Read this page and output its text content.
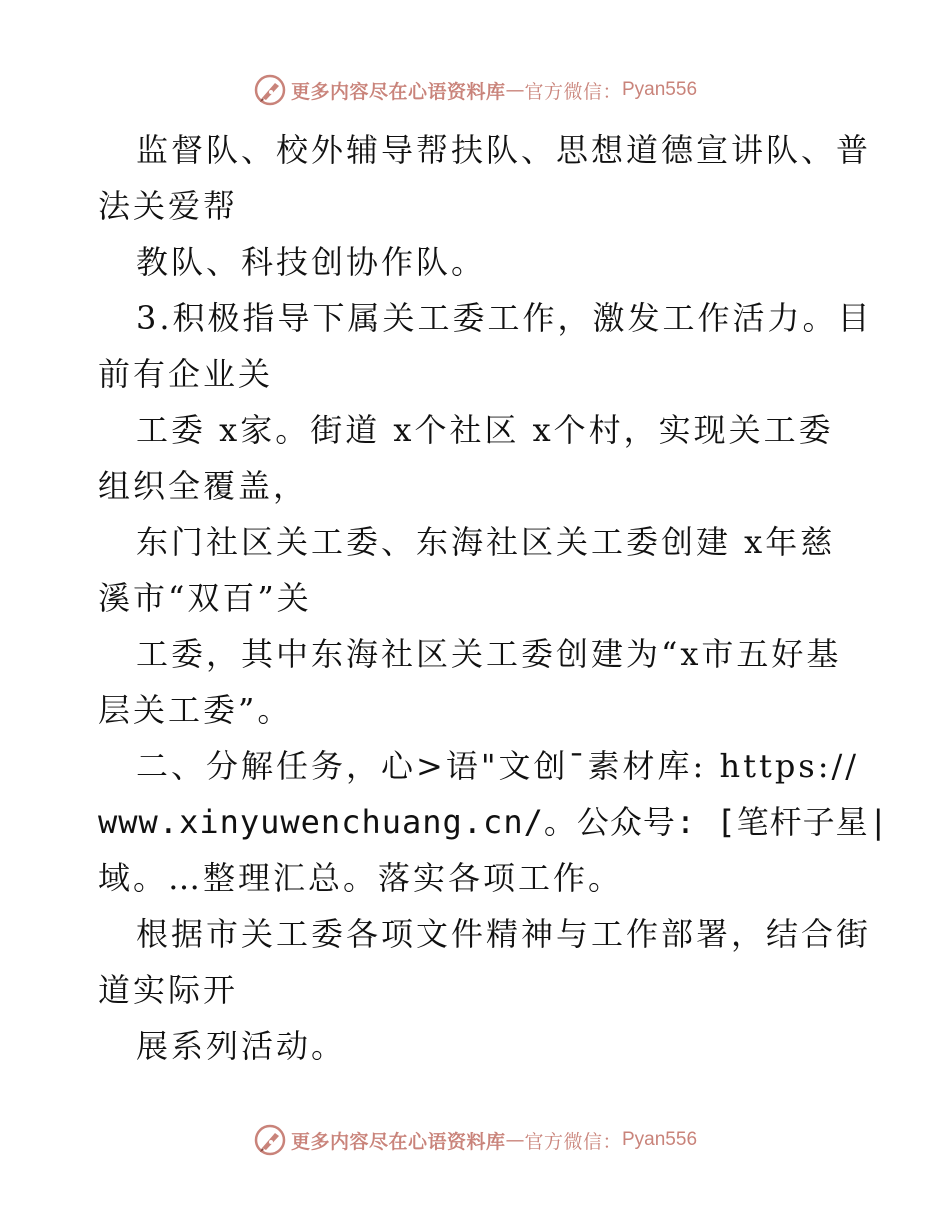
更多内容尽在心语资料库 — 官方微信： Pyan556

监督队、校外辅导帮扶队、思想道德宣讲队、普

法关爱帮

教队、科技创协作队。

3.积极指导下属关工委工作，激发工作活力。目

前有企业关

工委 x家。街道 x个社区 x个村，实现关工委

组织全覆盖，

东门社区关工委、东海社区关工委创建 x年慈

溪市“双百”关

工委，其中东海社区关工委创建为“x市五好基

层关工委”。

二、分解任务，心>语"文创¯素材库: https://

www.xinyuwenchuang.cn/。公众号: [笔杆子星|

域。…整理汇总。落实各项工作。

根据市关工委各项文件精神与工作部署，结合街

道实际开

展系列活动。

更多内容尽在心语资料库 — 官方微信： Pyan556
